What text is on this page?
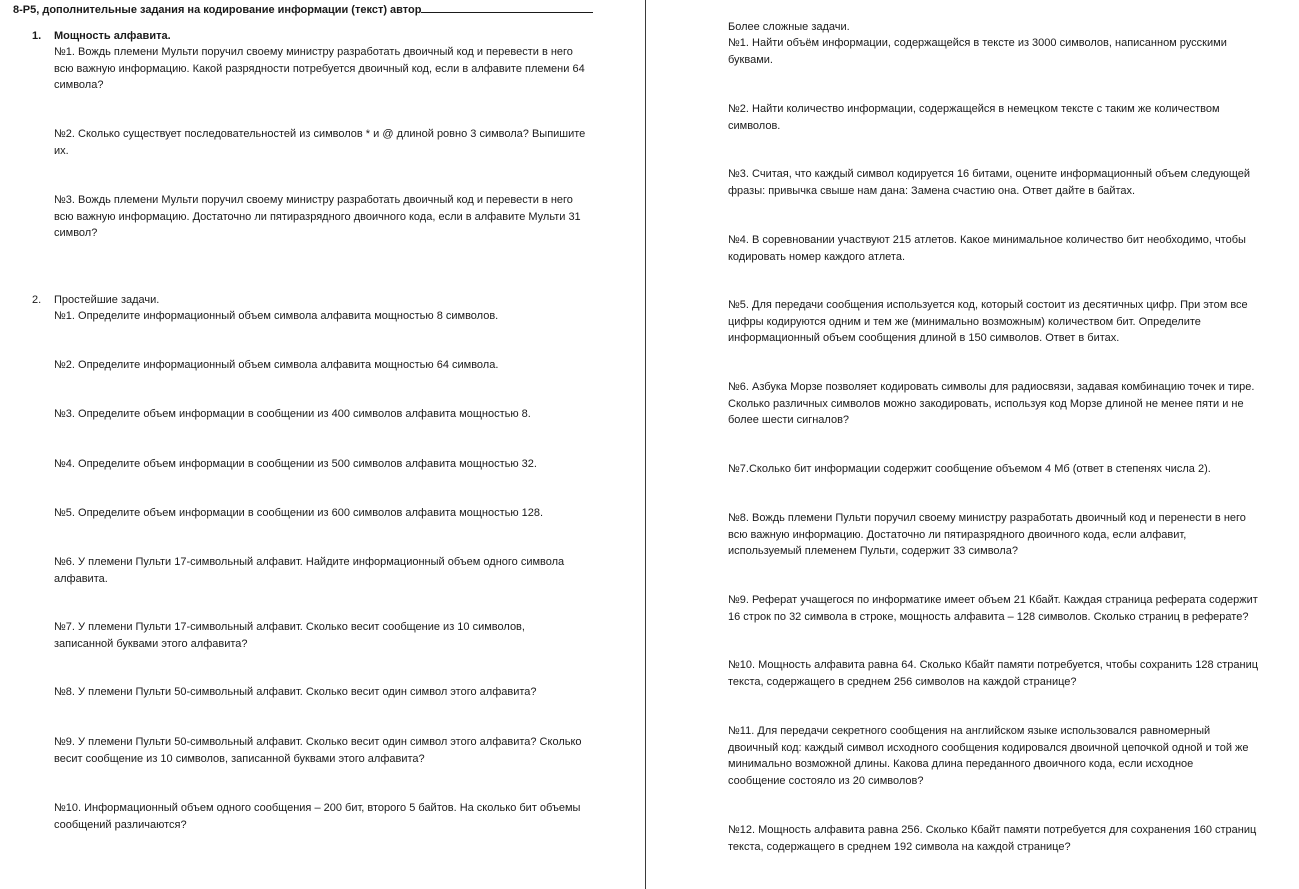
8-Р5, дополнительные задания на кодирование информации (текст) автор
1. Мощность алфавита.
№1. Вождь племени Мульти поручил своему министру разработать двоичный код и перевести в него
всю важную информацию. Какой разрядности потребуется двоичный код, если в алфавите племени 64
символа?
№2. Сколько существует последовательностей из символов * и @ длиной ровно 3 символа? Выпишите
их.
№3. Вождь племени Мульти поручил своему министру разработать двоичный код и перевести в него
всю важную информацию. Достаточно ли пятиразрядного двоичного кода, если в алфавите Мульти 31
символ?
2. Простейшие задачи.
№1. Определите информационный объем символа алфавита мощностью 8 символов.
№2. Определите информационный объем символа алфавита мощностью 64 символа.
№3. Определите объем информации в сообщении из 400 символов алфавита мощностью 8.
№4. Определите объем информации в сообщении из 500 символов алфавита мощностью 32.
№5. Определите объем информации в сообщении из 600 символов алфавита мощностью 128.
№6. У племени Пульти 17-символьный алфавит. Найдите информационный объем одного символа
алфавита.
№7. У племени Пульти 17-символьный алфавит. Сколько весит сообщение из 10 символов,
записанной буквами этого алфавита?
№8. У племени Пульти 50-символьный алфавит. Сколько весит один символ этого алфавита?
№9. У племени Пульти 50-символьный алфавит. Сколько весит один символ этого алфавита? Сколько
весит сообщение из 10 символов, записанной буквами этого алфавита?
№10. Информационный объем одного сообщения – 200 бит, второго 5 байтов. На сколько бит объемы
сообщений различаются?
Более сложные задачи.
№1. Найти объём информации, содержащейся в тексте из 3000 символов, написанном русскими
буквами.
№2. Найти количество информации, содержащейся в немецком тексте с таким же количеством
символов.
№3. Считая, что каждый символ кодируется 16 битами, оцените информационный объем следующей
фразы: привычка свыше нам дана: Замена счастию она. Ответ дайте в байтах.
№4. В соревновании участвуют 215 атлетов. Какое минимальное количество бит необходимо, чтобы
кодировать номер каждого атлета.
№5. Для передачи сообщения используется код, который состоит из десятичных цифр. При этом все
цифры кодируются одним и тем же (минимально возможным) количеством бит. Определите
информационный объем сообщения длиной в 150 символов. Ответ в битах.
№6. Азбука Морзе позволяет кодировать символы для радиосвязи, задавая комбинацию точек и тире.
Сколько различных символов можно закодировать, используя код Морзе длиной не менее пяти и не
более шести сигналов?
№7.Сколько бит информации содержит сообщение объемом 4 Мб (ответ в степенях числа 2).
№8. Вождь племени Пульти поручил своему министру разработать двоичный код и перенести в него
всю важную информацию. Достаточно ли пятиразрядного двоичного кода, если алфавит,
используемый племенем Пульти, содержит 33 символа?
№9. Реферат учащегося по информатике имеет объем 21 Кбайт. Каждая страница реферата содержит
16 строк по 32 символа в строке, мощность алфавита – 128 символов. Сколько страниц в реферате?
№10. Мощность алфавита равна 64. Сколько Кбайт памяти потребуется, чтобы сохранить 128 страниц
текста, содержащего в среднем 256 символов на каждой странице?
№11. Для передачи секретного сообщения на английском языке использовался равномерный
двоичный код: каждый символ исходного сообщения кодировался двоичной цепочкой одной и той же
минимально возможной длины. Какова длина переданного двоичного кода, если исходное
сообщение состояло из 20 символов?
№12. Мощность алфавита равна 256. Сколько Кбайт памяти потребуется для сохранения 160 страниц
текста, содержащего в среднем 192 символа на каждой странице?
